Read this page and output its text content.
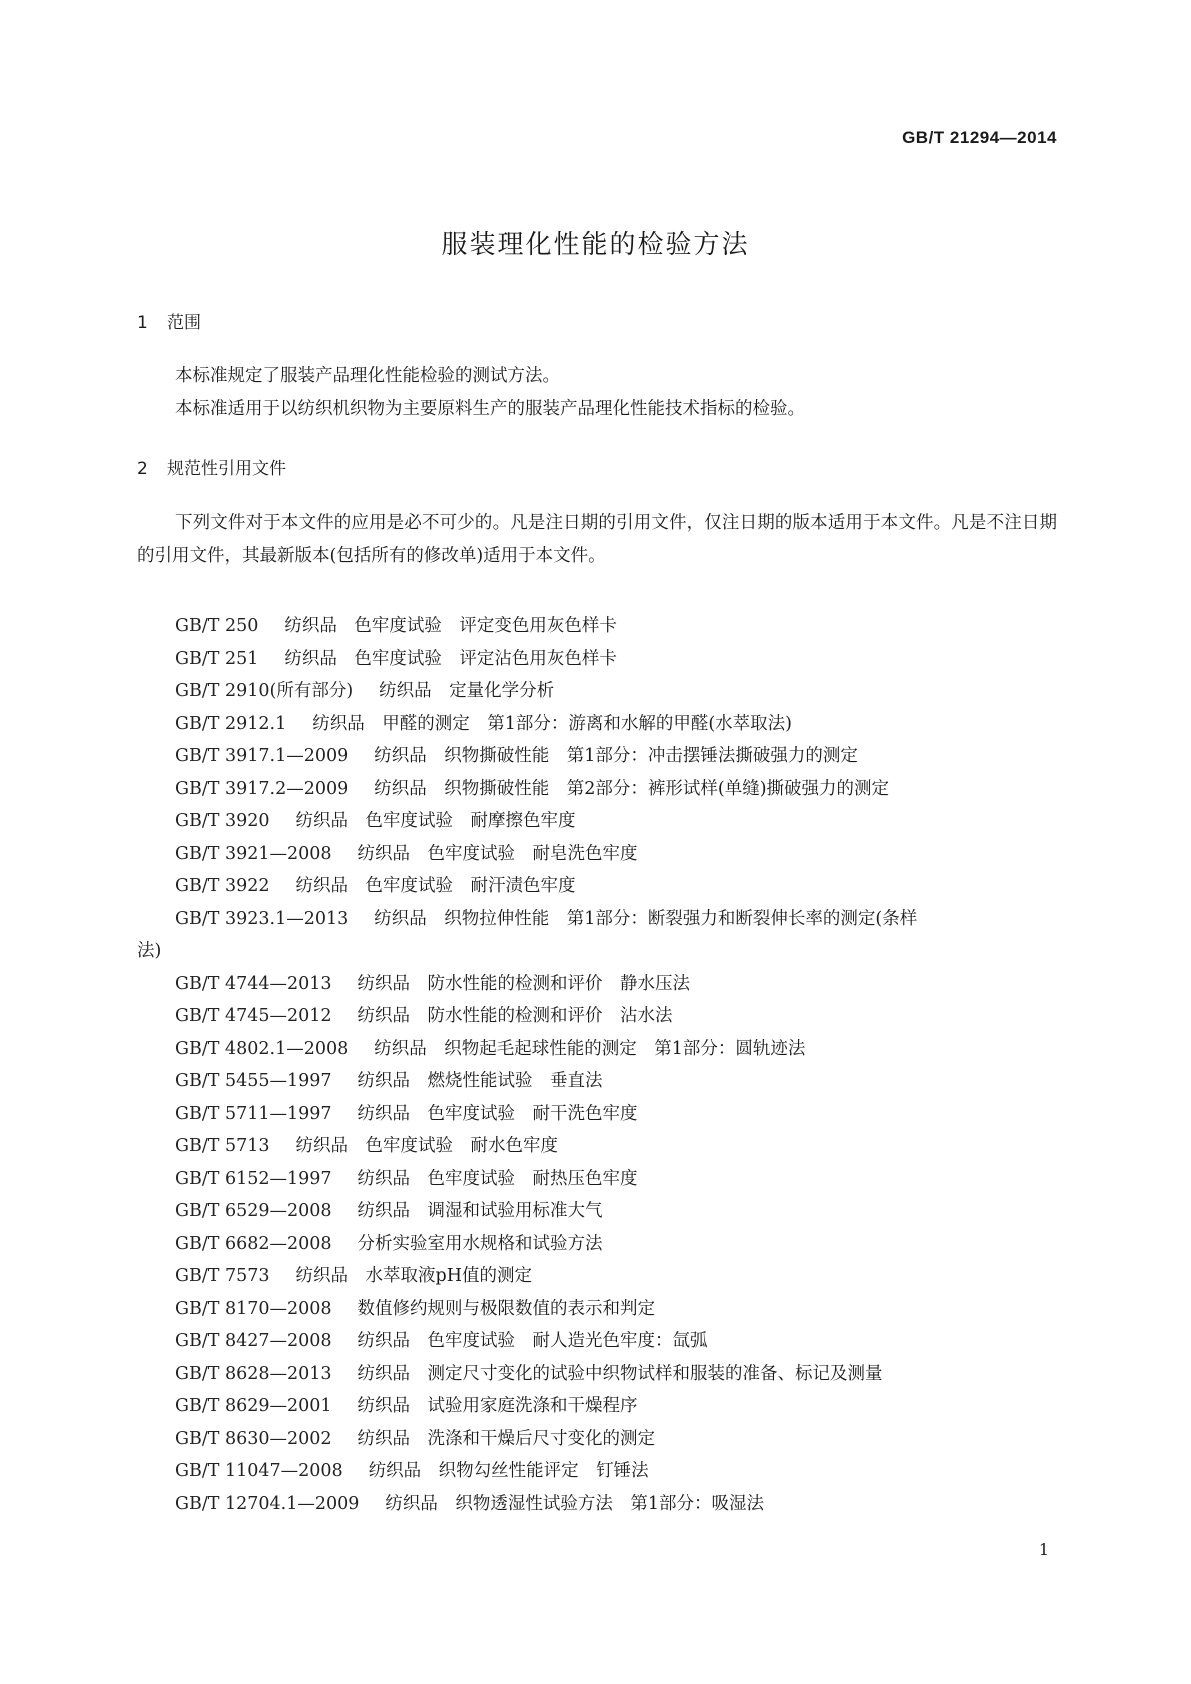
GB/T 21294—2014
服装理化性能的检验方法
1 范围

本标准规定了服装产品理化性能检验的测试方法。

本标准适用于以纺织机织物为主要原料生产的服装产品理化性能技术指标的检验。

2 规范性引用文件

下列文件对于本文件的应用是必不可少的。凡是注日期的引用文件，仅注日期的版本适用于本文件。凡是不注日期的引用文件，其最新版本(包括所有的修改单)适用于本文件。

GB/T 250 纺织品　色牢度试验　评定变色用灰色样卡
GB/T 251 纺织品　色牢度试验　评定沾色用灰色样卡
GB/T 2910(所有部分) 纺织品　定量化学分析
GB/T 2912.1 纺织品　甲醛的测定　第1部分：游离和水解的甲醛(水萃取法)
GB/T 3917.1—2009 纺织品　织物撕破性能　第1部分：冲击摆锤法撕破强力的测定
GB/T 3917.2—2009 纺织品　织物撕破性能　第2部分：裤形试样(单缝)撕破强力的测定
GB/T 3920 纺织品　色牢度试验　耐摩擦色牢度
GB/T 3921—2008 纺织品　色牢度试验　耐皂洗色牢度
GB/T 3922 纺织品　色牢度试验　耐汗渍色牢度
GB/T 3923.1—2013 纺织品　织物拉伸性能　第1部分：断裂强力和断裂伸长率的测定(条样
法)
GB/T 4744—2013 纺织品　防水性能的检测和评价　静水压法
GB/T 4745—2012 纺织品　防水性能的检测和评价　沾水法
GB/T 4802.1—2008 纺织品　织物起毛起球性能的测定　第1部分：圆轨迹法
GB/T 5455—1997 纺织品　燃烧性能试验　垂直法
GB/T 5711—1997 纺织品　色牢度试验　耐干洗色牢度
GB/T 5713 纺织品　色牢度试验　耐水色牢度
GB/T 6152—1997 纺织品　色牢度试验　耐热压色牢度
GB/T 6529—2008 纺织品　调湿和试验用标准大气
GB/T 6682—2008 分析实验室用水规格和试验方法
GB/T 7573 纺织品　水萃取液pH值的测定
GB/T 8170—2008 数值修约规则与极限数值的表示和判定
GB/T 8427—2008 纺织品　色牢度试验　耐人造光色牢度：氙弧
GB/T 8628—2013 纺织品　测定尺寸变化的试验中织物试样和服装的准备、标记及测量
GB/T 8629—2001 纺织品　试验用家庭洗涤和干燥程序
GB/T 8630—2002 纺织品　洗涤和干燥后尺寸变化的测定
GB/T 11047—2008 纺织品　织物勾丝性能评定　钉锤法
GB/T 12704.1—2009 纺织品　织物透湿性试验方法　第1部分：吸湿法
1
